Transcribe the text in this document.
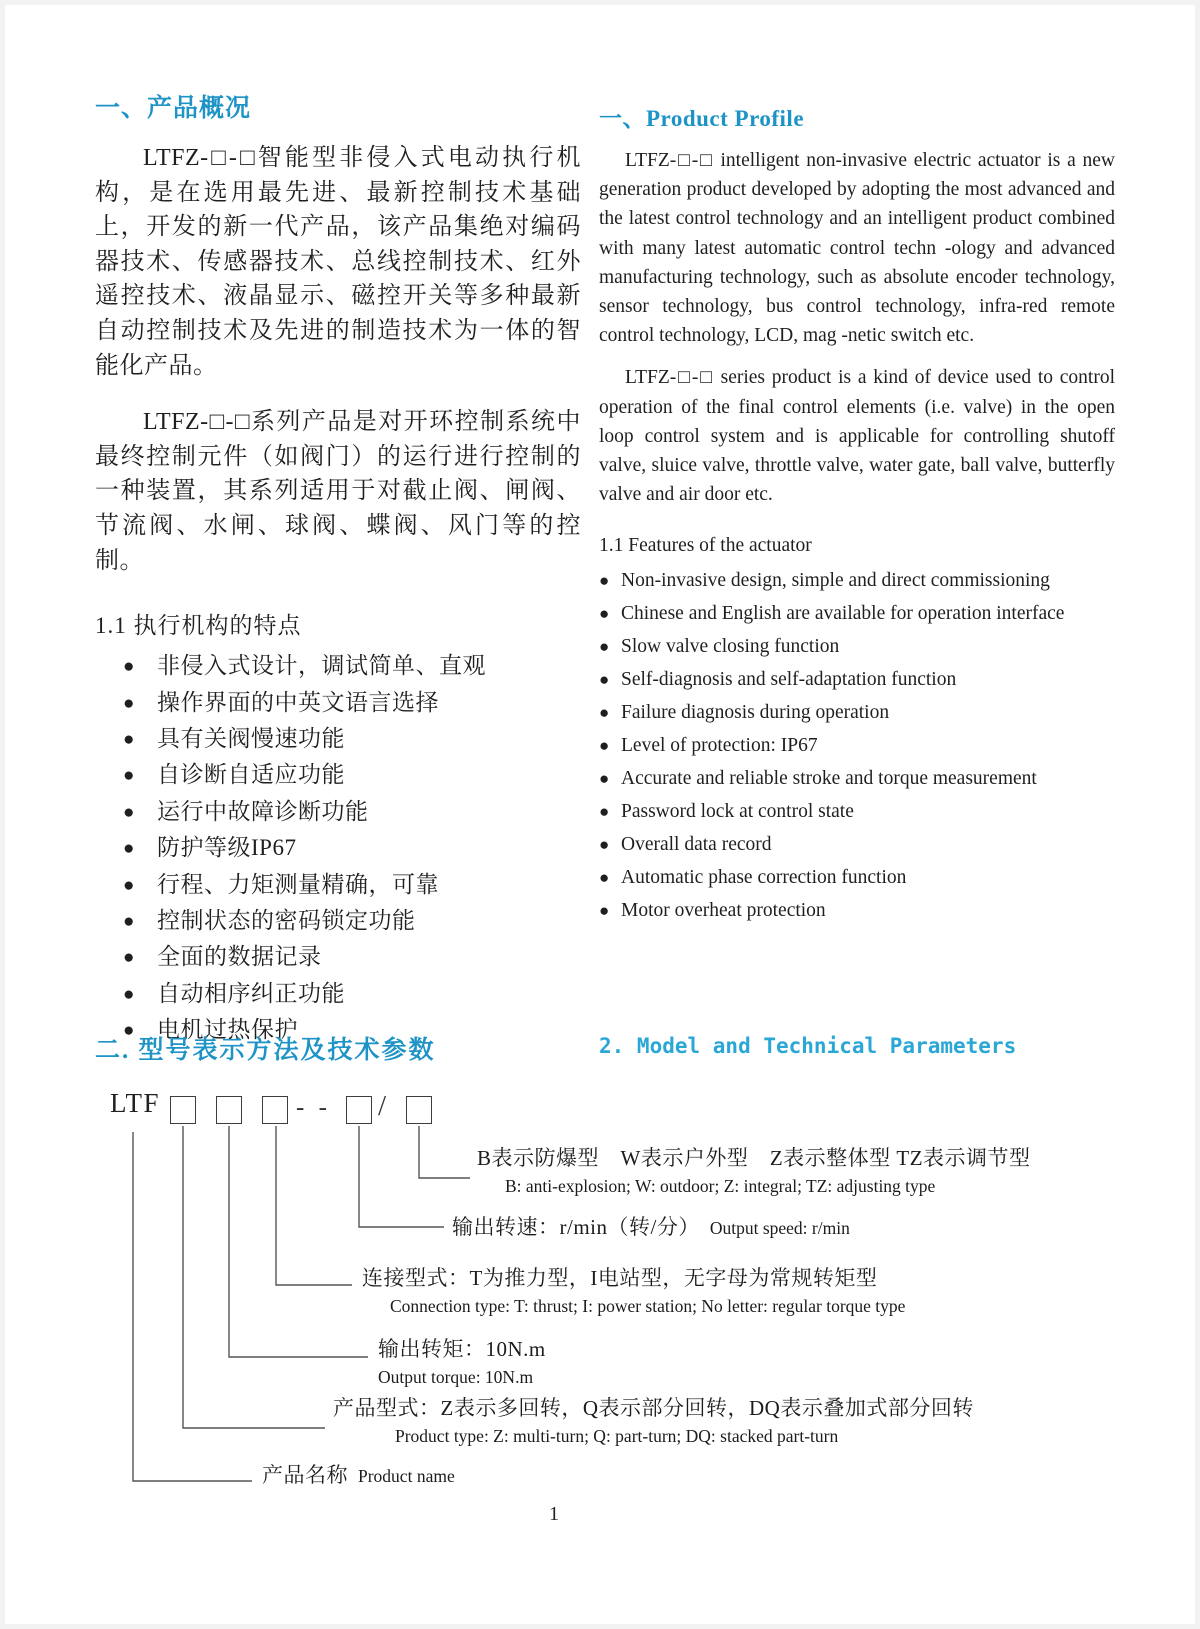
一、产品概况

LTFZ-□-□智能型非侵入式电动执行机构，是在选用最先进、最新控制技术基础上，开发的新一代产品，该产品集绝对编码器技术、传感器技术、总线控制技术、红外遥控技术、液晶显示、磁控开关等多种最新自动控制技术及先进的制造技术为一体的智能化产品。

LTFZ-□-□系列产品是对开环控制系统中最终控制元件（如阀门）的运行进行控制的一种装置，其系列适用于对截止阀、闸阀、节流阀、水闸、球阀、蝶阀、风门等的控制。

1.1 执行机构的特点
● 非侵入式设计，调试简单、直观
● 操作界面的中英文语言选择
● 具有关阀慢速功能
● 自诊断自适应功能
● 运行中故障诊断功能
● 防护等级IP67
● 行程、力矩测量精确，可靠
● 控制状态的密码锁定功能
● 全面的数据记录
● 自动相序纠正功能
● 电机过热保护
一、Product Profile

LTFZ-□-□ intelligent non-invasive electric actuator is a new generation product developed by adopting the most advanced and the latest control technology and an intelligent product combined with many latest automatic control techn -ology and advanced manufacturing technology, such as absolute encoder technology, sensor technology, bus control technology, infra-red remote control technology, LCD, mag -netic switch etc.

LTFZ-□-□ series product is a kind of device used to control operation of the final control elements (i.e. valve) in the open loop control system and is applicable for controlling shutoff valve, sluice valve, throttle valve, water gate, ball valve, butterfly valve and air door etc.

1.1 Features of the actuator
● Non-invasive design, simple and direct commissioning
● Chinese and English are available for operation interface
● Slow valve closing function
● Self-diagnosis and self-adaptation function
● Failure diagnosis during operation
● Level of protection: IP67
● Accurate and reliable stroke and torque measurement
● Password lock at control state
● Overall data record
● Automatic phase correction function
● Motor overheat protection
二. 型号表示方法及技术参数	2. Model and Technical Parameters
LTF	- - /
B表示防爆型　W表示户外型　Z表示整体型 TZ表示调节型
B: anti-explosion; W: outdoor; Z: integral; TZ: adjusting type
输出转速：r/min（转/分） Output speed: r/min
连接型式：T为推力型，I电站型，无字母为常规转矩型
Connection type: T: thrust; I: power station; No letter: regular torque type
输出转矩：10N.m
Output torque: 10N.m
产品型式：Z表示多回转，Q表示部分回转，DQ表示叠加式部分回转
Product type: Z: multi-turn; Q: part-turn; DQ: stacked part-turn
产品名称 Product name
1
